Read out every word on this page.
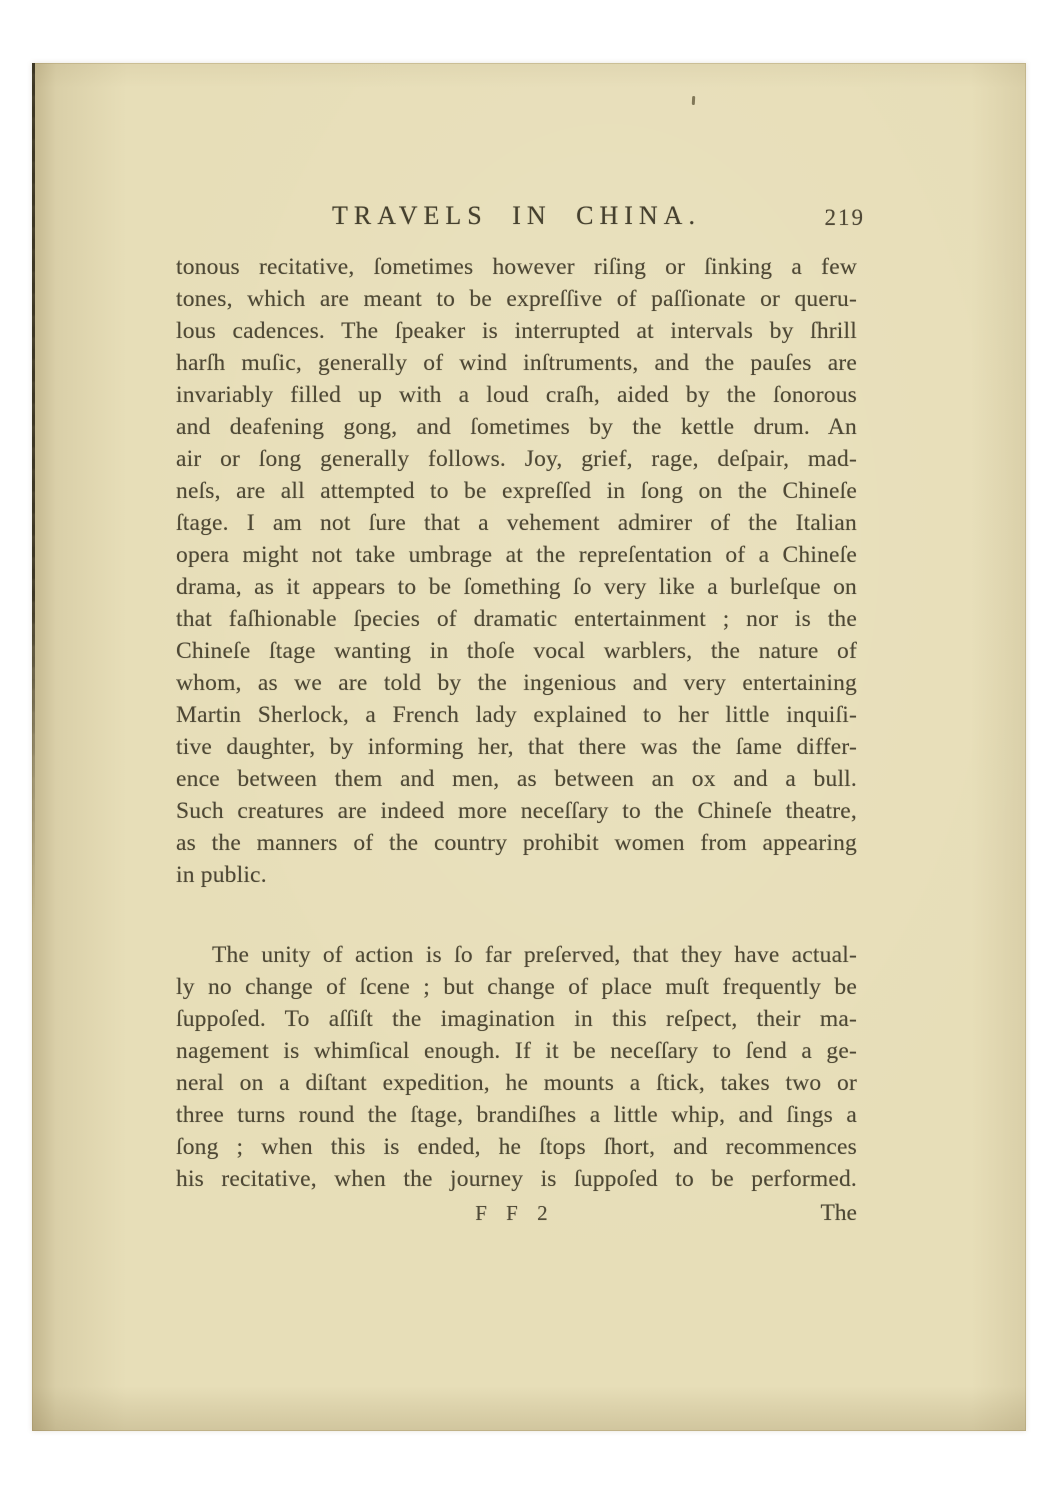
TRAVELS IN CHINA.	219
tonous recitative, ſometimes however riſing or ſinking a few
tones, which are meant to be expreſſive of paſſionate or queru-
lous cadences. The ſpeaker is interrupted at intervals by ſhrill
harſh muſic, generally of wind inſtruments, and the pauſes are
invariably filled up with a loud craſh, aided by the ſonorous
and deafening gong, and ſometimes by the kettle drum. An
air or ſong generally follows. Joy, grief, rage, deſpair, mad-
neſs, are all attempted to be expreſſed in ſong on the Chineſe
ſtage. I am not ſure that a vehement admirer of the Italian
opera might not take umbrage at the repreſentation of a Chineſe
drama, as it appears to be ſomething ſo very like a burleſque on
that faſhionable ſpecies of dramatic entertainment ; nor is the
Chineſe ſtage wanting in thoſe vocal warblers, the nature of
whom, as we are told by the ingenious and very entertaining
Martin Sherlock, a French lady explained to her little inquiſi-
tive daughter, by informing her, that there was the ſame differ-
ence between them and men, as between an ox and a bull.
Such creatures are indeed more neceſſary to the Chineſe theatre,
as the manners of the country prohibit women from appearing
in public.
The unity of action is ſo far preſerved, that they have actual-
ly no change of ſcene ; but change of place muſt frequently be
ſuppoſed. To aſſiſt the imagination in this reſpect, their ma-
nagement is whimſical enough. If it be neceſſary to ſend a ge-
neral on a diſtant expedition, he mounts a ſtick, takes two or
three turns round the ſtage, brandiſhes a little whip, and ſings a
ſong ; when this is ended, he ſtops ſhort, and recommences
his recitative, when the journey is ſuppoſed to be performed.
F F 2	The
